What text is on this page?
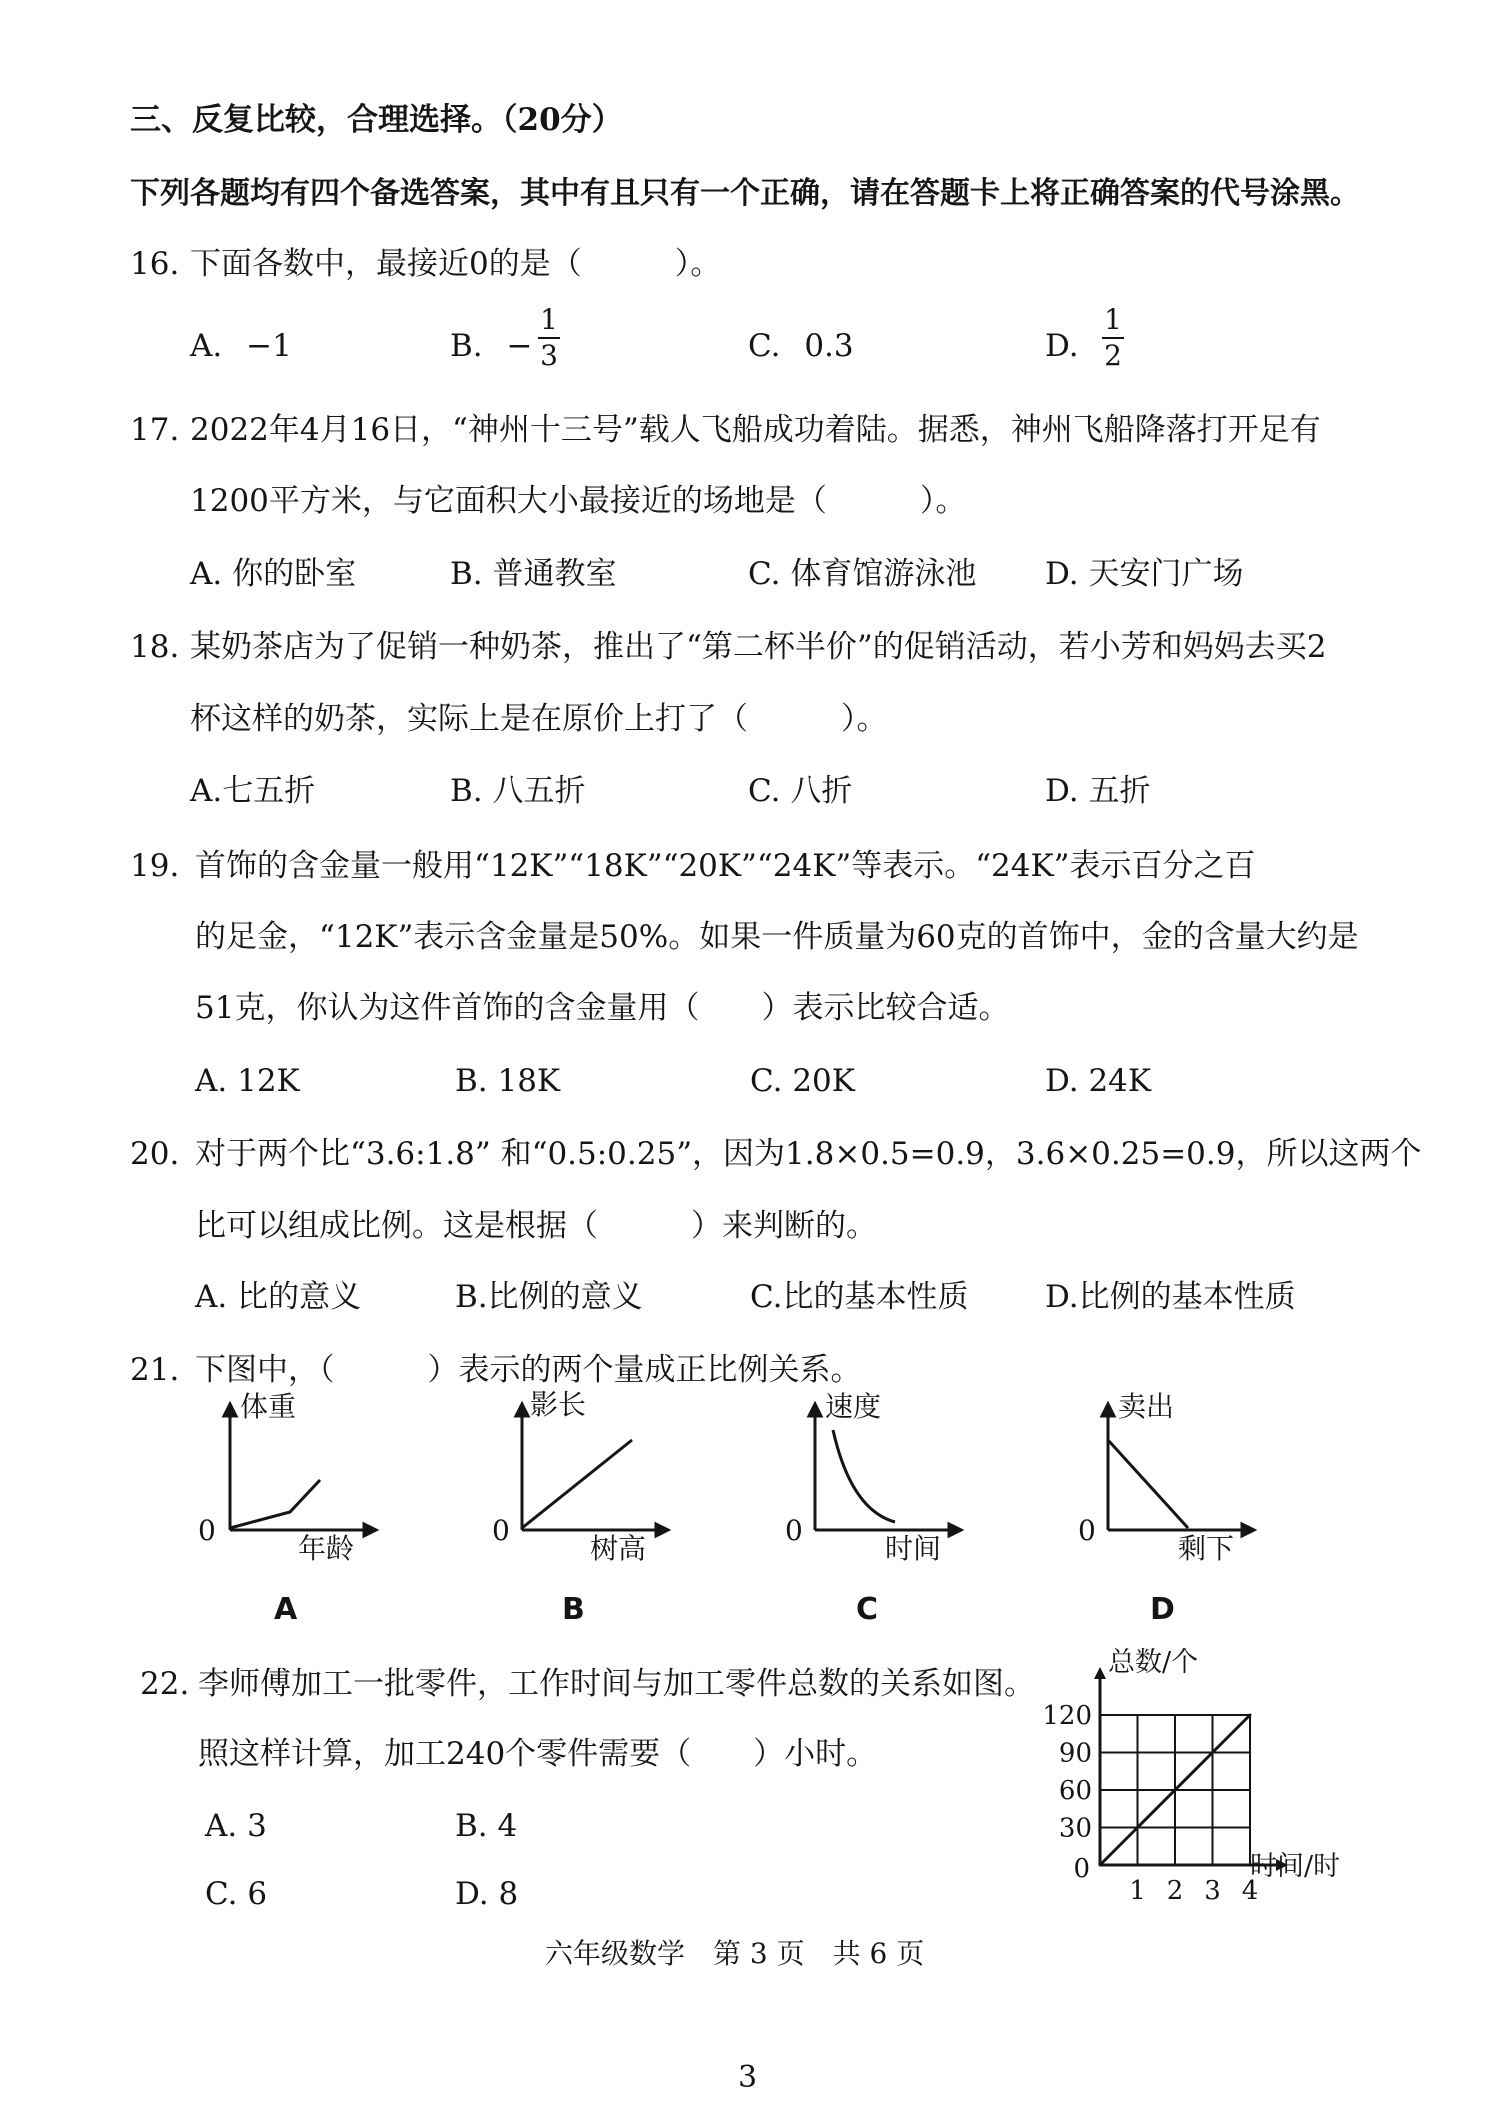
三、反复比较，合理选择。（20分）
下列各题均有四个备选答案，其中有且只有一个正确，请在答题卡上将正确答案的代号涂黑。
16. 下面各数中，最接近0的是（　　　）。
A. −1	B. −
1
3	C. 0.3	D.
1
2
17. 2022年4月16日，“神州十三号”载人飞船成功着陆。据悉，神州飞船降落打开足有
1200平方米，与它面积大小最接近的场地是（　　　）。
A. 你的卧室	B. 普通教室	C. 体育馆游泳池 D. 天安门广场
18. 某奶茶店为了促销一种奶茶，推出了“第二杯半价”的促销活动，若小芳和妈妈去买2
杯这样的奶茶，实际上是在原价上打了（　　　）。
A.七五折	B. 八五折	C. 八折	D. 五折
19. 首饰的含金量一般用“12K”“18K”“20K”“24K”等表示。“24K”表示百分之百
的足金，“12K”表示含金量是50%。如果一件质量为60克的首饰中，金的含量大约是
51克，你认为这件首饰的含金量用（　　）表示比较合适。
A. 12K	B. 18K	C. 20K	D. 24K
20. 对于两个比“3.6:1.8” 和“0.5:0.25”，因为1.8×0.5=0.9，3.6×0.25=0.9，所以这两个
比可以组成比例。这是根据（　　　）来判断的。
A. 比的意义	B.比例的意义	C.比的基本性质 D.比例的基本性质
21. 下图中，（　　　）表示的两个量成正比例关系。
体重
0
年龄
A
影长
0
树高
B
速度
0
时间
C
卖出
0
剩下
D
22. 李师傅加工一批零件，工作时间与加工零件总数的关系如图。
照这样计算，加工240个零件需要（　　）小时。
A. 3	B. 4
C. 6	D. 8
120
90
60
30
0
1 2 3 4
总数/个
时间/时
六年级数学　第 3 页　共 6 页
3
